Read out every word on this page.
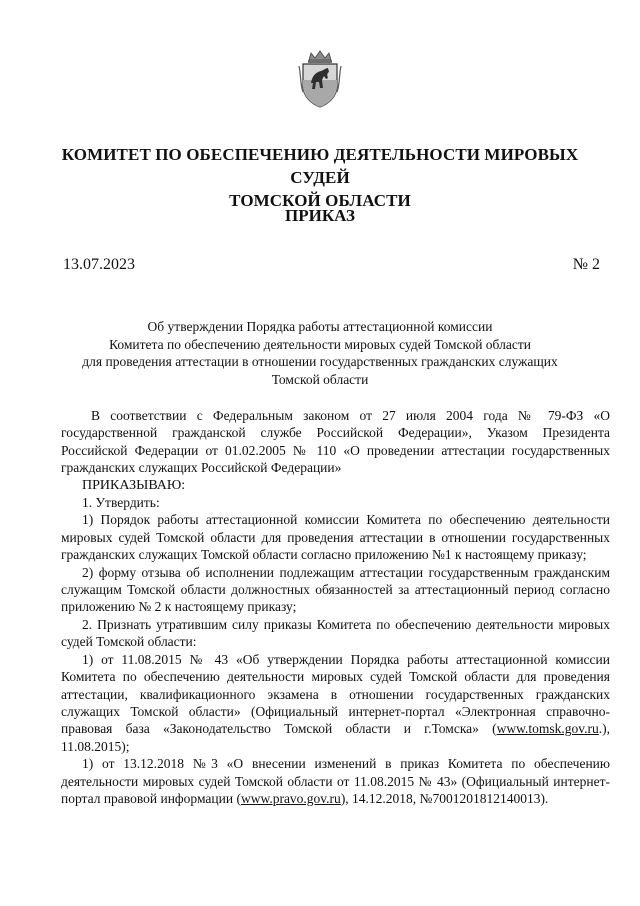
КОМИТЕТ ПО ОБЕСПЕЧЕНИЮ ДЕЯТЕЛЬНОСТИ МИРОВЫХ СУДЕЙ
ТОМСКОЙ ОБЛАСТИ
ПРИКАЗ
13.07.2023	№ 2
Об утверждении Порядка работы аттестационной комиссии
Комитета по обеспечению деятельности мировых судей Томской области
для проведения аттестации в отношении государственных гражданских служащих
Томской области

В соответствии с Федеральным законом от 27 июля 2004 года № 79-ФЗ «О государственной гражданской службе Российской Федерации», Указом Президента Российской Федерации от 01.02.2005 № 110 «О проведении аттестации государственных гражданских служащих Российской Федерации»

ПРИКАЗЫВАЮ:

1. Утвердить:

1) Порядок работы аттестационной комиссии Комитета по обеспечению деятельности мировых судей Томской области для проведения аттестации в отношении государственных гражданских служащих Томской области согласно приложению №1 к настоящему приказу;

2) форму отзыва об исполнении подлежащим аттестации государственным гражданским служащим Томской области должностных обязанностей за аттестационный период согласно приложению № 2 к настоящему приказу;

2. Признать утратившим силу приказы Комитета по обеспечению деятельности мировых судей Томской области:

1) от 11.08.2015 № 43 «Об утверждении Порядка работы аттестационной комиссии Комитета по обеспечению деятельности мировых судей Томской области для проведения аттестации, квалификационного экзамена в отношении государственных гражданских служащих Томской области» (Официальный интернет-портал «Электронная справочно-правовая база «Законодательство Томской области и г.Томска» (www.tomsk.gov.ru.), 11.08.2015);

1) от 13.12.2018 №3 «О внесении изменений в приказ Комитета по обеспечению деятельности мировых судей Томской области от 11.08.2015 № 43» (Официальный интернет-портал правовой информации (www.pravo.gov.ru), 14.12.2018, №7001201812140013).
